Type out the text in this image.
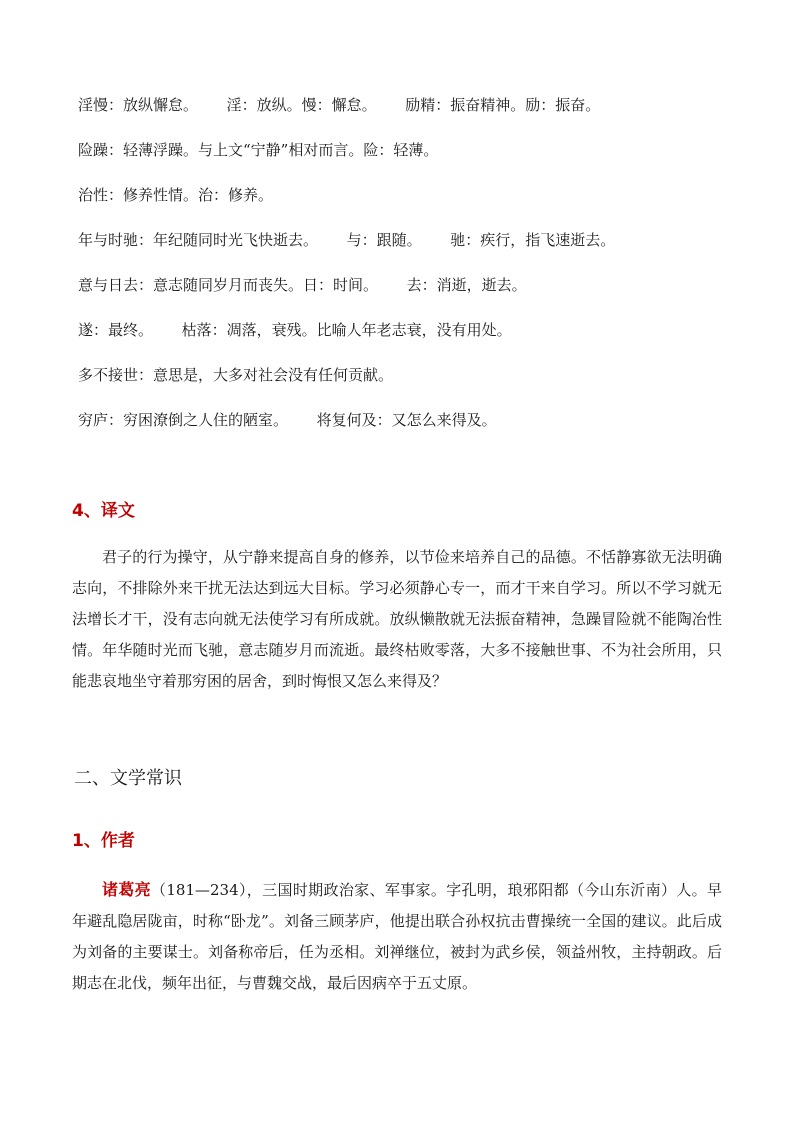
淫慢：放纵懈怠。      淫：放纵。慢：懈怠。      励精：振奋精神。励：振奋。
险躁：轻薄浮躁。与上文“宁静”相对而言。险：轻薄。
治性：修养性情。治：修养。
年与时驰：年纪随同时光飞快逝去。      与：跟随。      驰：疾行，指飞速逝去。
意与日去：意志随同岁月而丧失。日：时间。      去：消逝，逝去。
遂：最终。      枯落：凋落，衰残。比喻人年老志衰，没有用处。
多不接世：意思是，大多对社会没有任何贡献。
穷庐：穷困潦倒之人住的陋室。      将复何及：又怎么来得及。
4、译文
君子的行为操守，从宁静来提高自身的修养，以节俭来培养自己的品德。不恬静寡欲无法明确志向，不排除外来干扰无法达到远大目标。学习必须静心专一，而才干来自学习。所以不学习就无法增长才干，没有志向就无法使学习有所成就。放纵懒散就无法振奋精神，急躁冒险就不能陶冶性情。年华随时光而飞驰，意志随岁月而流逝。最终枯败零落，大多不接触世事、不为社会所用，只能悲哀地坐守着那穷困的居舍，到时悔恨又怎么来得及？
二、文学常识
1、作者
诸葛亮（181—234），三国时期政治家、军事家。字孔明，琅邪阳都（今山东沂南）人。早年避乱隐居陇亩，时称“卧龙”。刘备三顾茅庐，他提出联合孙权抗击曹操统一全国的建议。此后成为刘备的主要谋士。刘备称帝后，任为丞相。刘禅继位，被封为武乡侯，领益州牧，主持朝政。后期志在北伐，频年出征，与曹魏交战，最后因病卒于五丈原。
